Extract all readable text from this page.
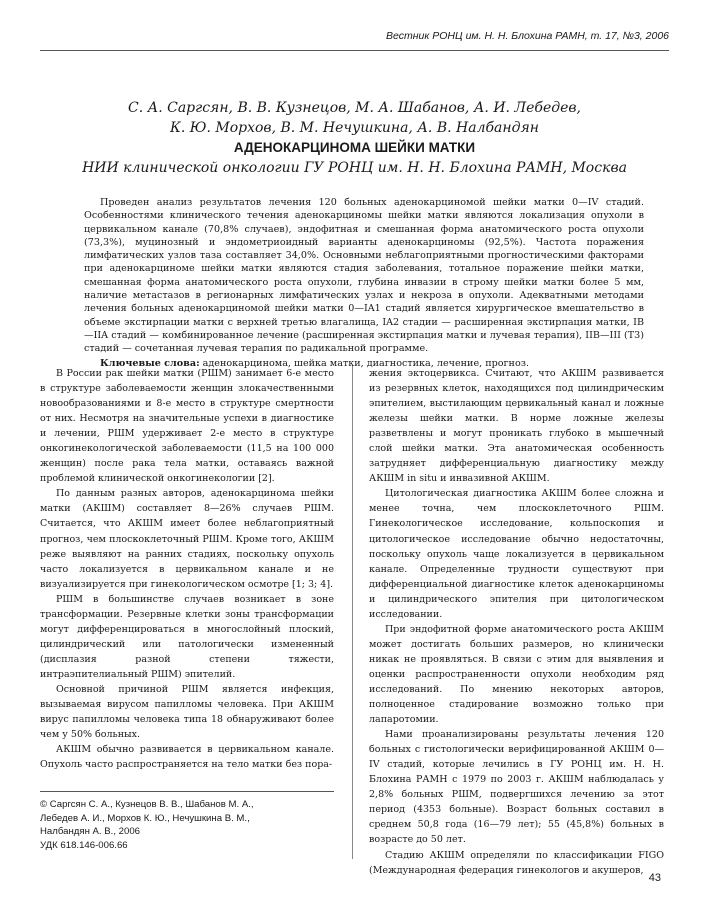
Вестник РОНЦ им. Н. Н. Блохина РАМН, т. 17, №3, 2006
С. А. Саргсян, В. В. Кузнецов, М. А. Шабанов, А. И. Лебедев,
К. Ю. Морхов, В. М. Нечушкина, А. В. Налбандян
АДЕНОКАРЦИНОМА ШЕЙКИ МАТКИ
НИИ клинической онкологии ГУ РОНЦ им. Н. Н. Блохина РАМН, Москва

Проведен анализ результатов лечения 120 больных аденокарциномой шейки матки 0—IV стадий. Особенностями клинического течения аденокарциномы шейки матки являются локализация опухоли в цервикальном канале (70,8% случаев), эндофитная и смешанная форма анатомического роста опухоли (73,3%), муцинозный и эндометриоидный варианты аденокарциномы (92,5%). Частота поражения лимфатических узлов таза составляет 34,0%. Основными неблагоприятными прогностическими факторами при аденокарциноме шейки матки являются стадия заболевания, тотальное поражение шейки матки, смешанная форма анатомического роста опухоли, глубина инвазии в строму шейки матки более 5 мм, наличие метастазов в регионарных лимфатических узлах и некроза в опухоли. Адекватными методами лечения больных аденокарциномой шейки матки 0—IA1 стадий является хирургическое вмешательство в объеме экстирпации матки с верхней третью влагалища, IA2 стадии — расширенная экстирпация матки, IB—IIA стадий — комбинированное лечение (расширенная экстирпация матки и лучевая терапия), IIB—III (T3) стадий — сочетанная лучевая терапия по радикальной программе.

Ключевые слова: аденокарцинома, шейка матки, диагностика, лечение, прогноз.

В России рак шейки матки (РШМ) занимает 6-е место в структуре заболеваемости женщин злокачественными новообразованиями и 8-е место в структуре смертности от них. Несмотря на значительные успехи в диагностике и лечении, РШМ удерживает 2-е место в структуре онкогинекологической заболеваемости (11,5 на 100 000 женщин) после рака тела матки, оставаясь важной проблемой клинической онкогинекологии [2].

По данным разных авторов, аденокарцинома шейки матки (АКШМ) составляет 8—26% случаев РШМ. Считается, что АКШМ имеет более неблагоприятный прогноз, чем плоскоклеточный РШМ. Кроме того, АКШМ реже выявляют на ранних стадиях, поскольку опухоль часто локализуется в цервикальном канале и не визуализируется при гинекологическом осмотре [1; 3; 4].

РШМ в большинстве случаев возникает в зоне трансформации. Резервные клетки зоны трансформации могут дифференцироваться в многослойный плоский, цилиндрический или патологически измененный (дисплазия разной степени тяжести, интраэпителиальный РШМ) эпителий.

Основной причиной РШМ является инфекция, вызываемая вирусом папилломы человека. При АКШМ вирус папилломы человека типа 18 обнаруживают более чем у 50% больных.

АКШМ обычно развивается в цервикальном канале. Опухоль часто распространяется на тело матки без пора-

жения эктоцервикса. Считают, что АКШМ развивается из резервных клеток, находящихся под цилиндрическим эпителием, выстилающим цервикальный канал и ложные железы шейки матки. В норме ложные железы разветвлены и могут проникать глубоко в мышечный слой шейки матки. Эта анатомическая особенность затрудняет дифференциальную диагностику между АКШМ in situ и инвазивной АКШМ.

Цитологическая диагностика АКШМ более сложна и менее точна, чем плоскоклеточного РШМ. Гинекологическое исследование, кольпоскопия и цитологическое исследование обычно недостаточны, поскольку опухоль чаще локализуется в цервикальном канале. Определенные трудности существуют при дифференциальной диагностике клеток аденокарциномы и цилиндрического эпителия при цитологическом исследовании.

При эндофитной форме анатомического роста АКШМ может достигать больших размеров, но клинически никак не проявляться. В связи с этим для выявления и оценки распространенности опухоли необходим ряд исследований. По мнению некоторых авторов, полноценное стадирование возможно только при лапаротомии.

Нами проанализированы результаты лечения 120 больных с гистологически верифицированной АКШМ 0—IV стадий, которые лечились в ГУ РОНЦ им. Н. Н. Блохина РАМН с 1979 по 2003 г. АКШМ наблюдалась у 2,8% больных РШМ, подвергшихся лечению за этот период (4353 больные). Возраст больных составил в среднем 50,8 года (16—79 лет); 55 (45,8%) больных в возрасте до 50 лет.

Стадию АКШМ определяли по классификации FIGO (Международная федерация гинекологов и акушеров,

© Саргсян С. А., Кузнецов В. В., Шабанов М. А.,
Лебедев А. И., Морхов К. Ю., Нечушкина В. М.,
Налбандян А. В., 2006
УДК 618.146-006.66
43
